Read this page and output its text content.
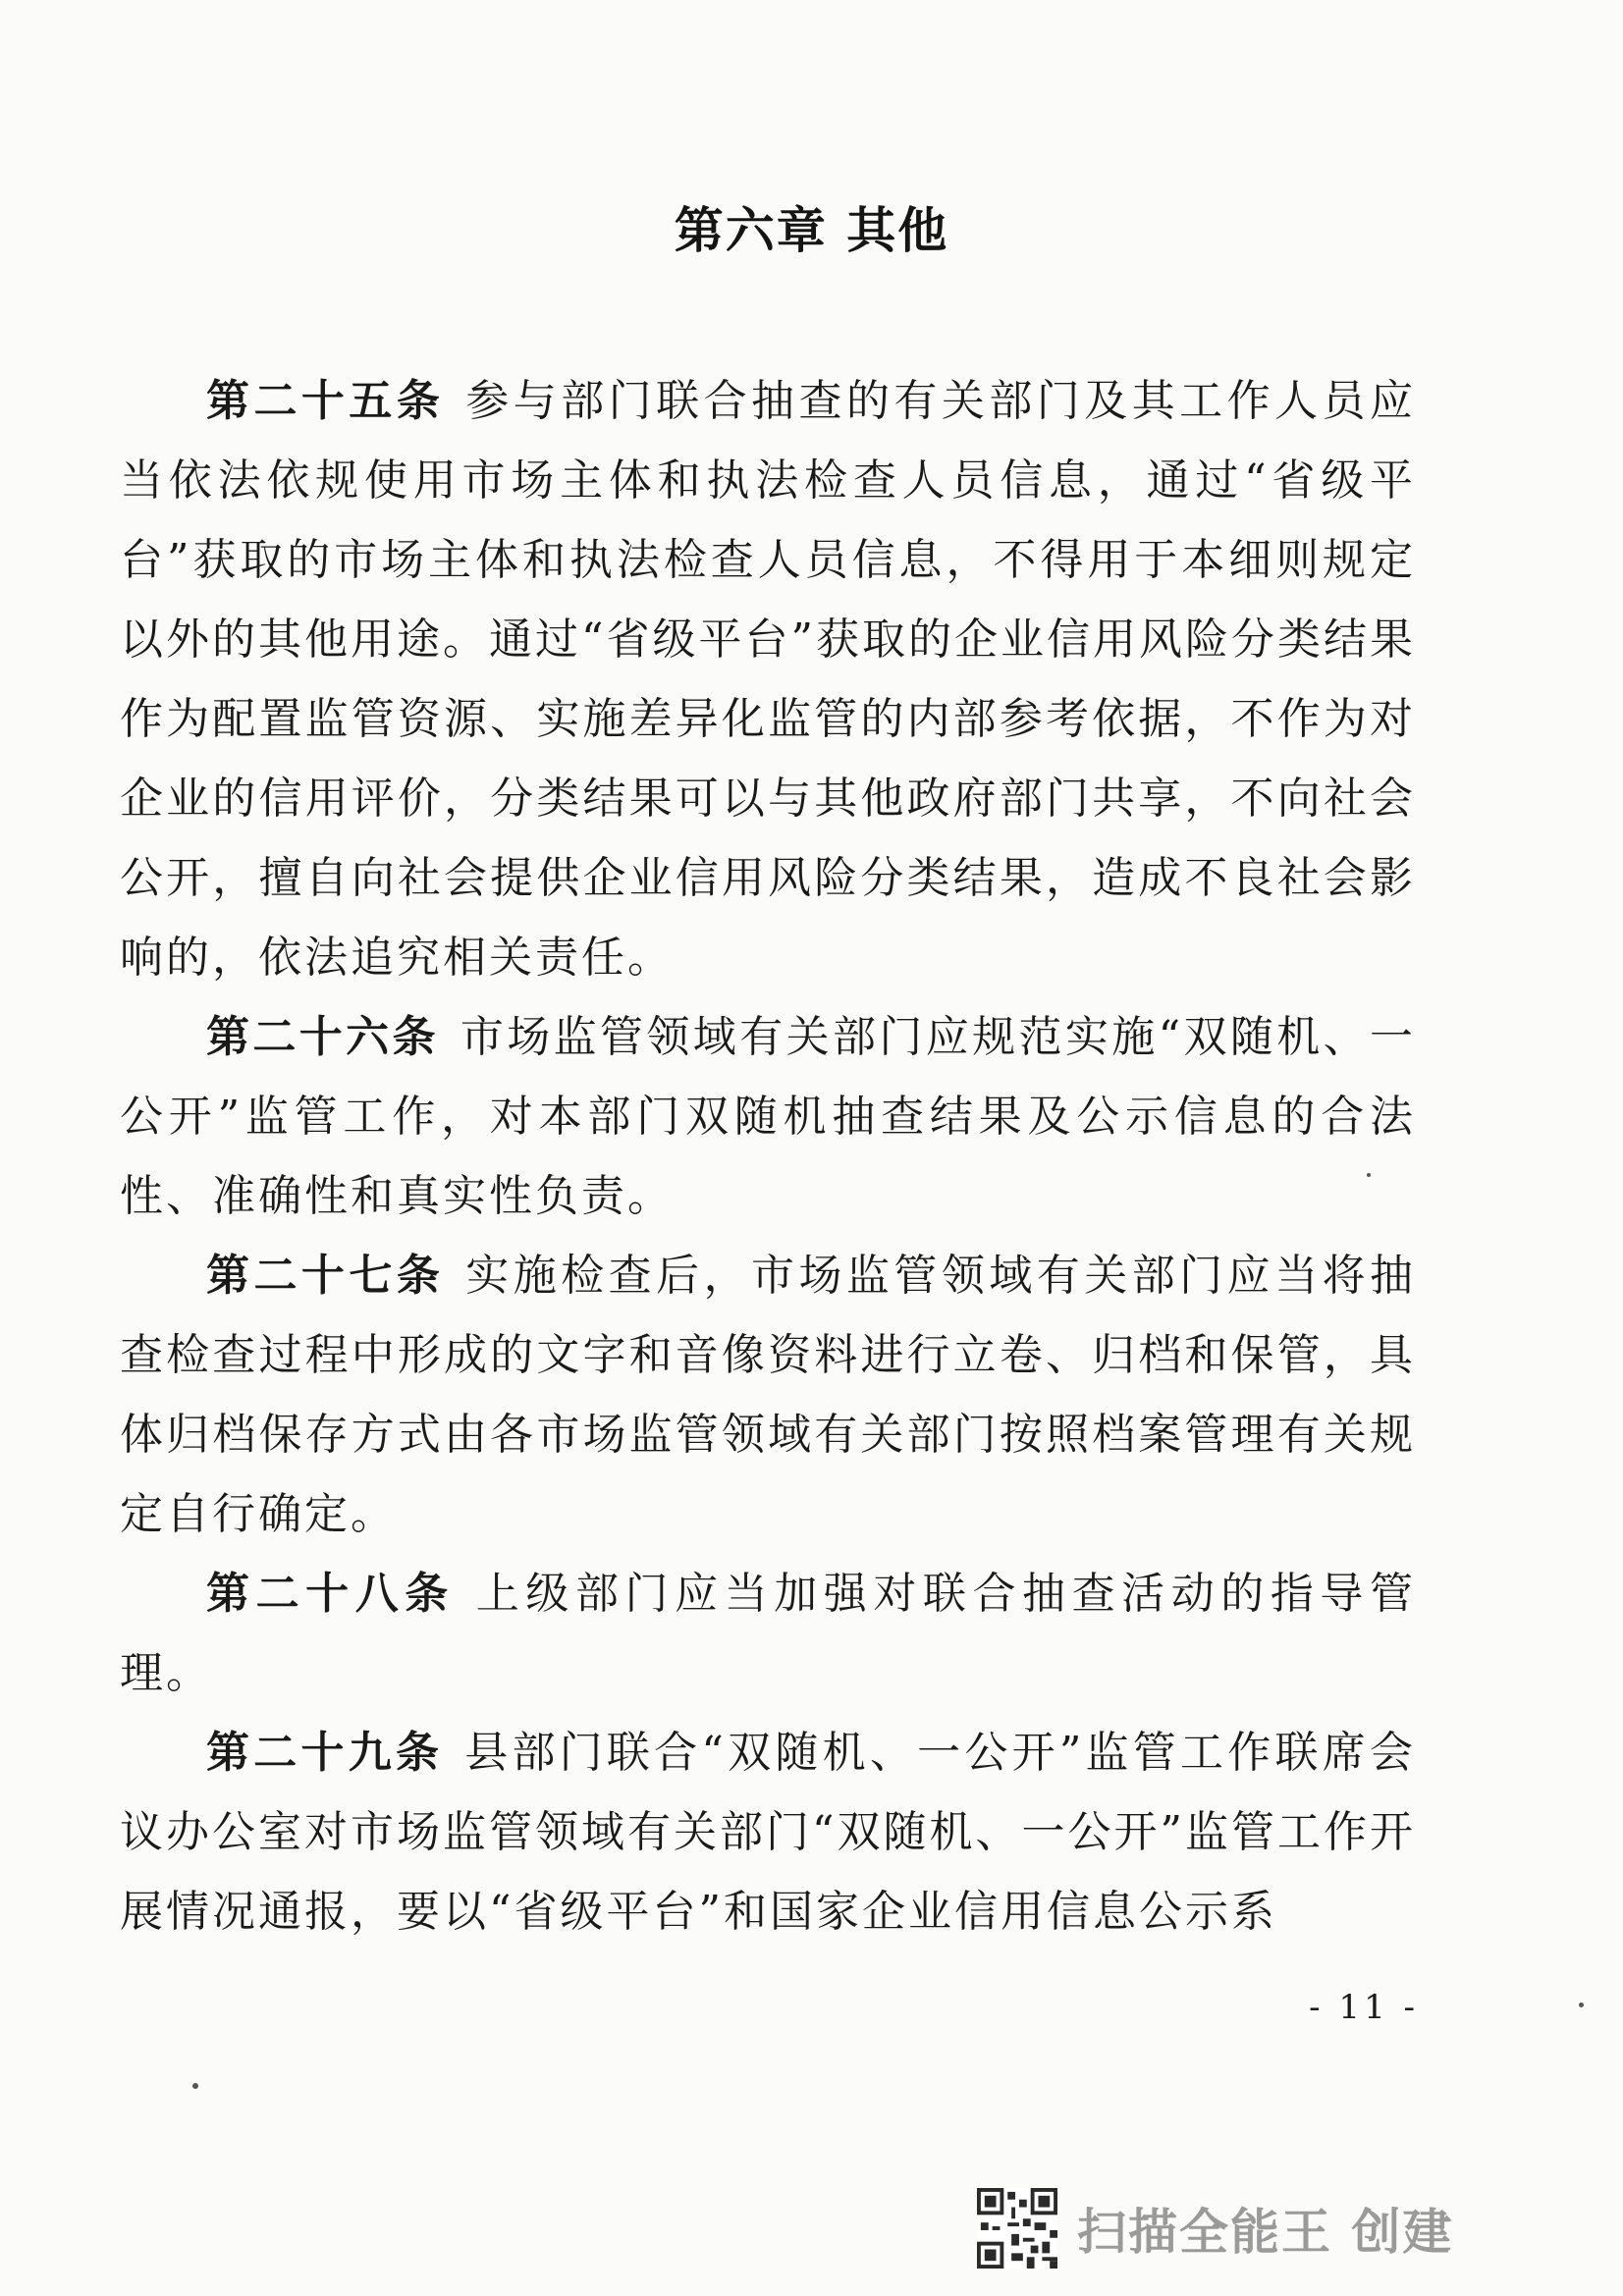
第六章 其他

第二十五条 参与部门联合抽查的有关部门及其工作人员应当依法依规使用市场主体和执法检查人员信息，通过“省级平台”获取的市场主体和执法检查人员信息，不得用于本细则规定以外的其他用途。通过“省级平台”获取的企业信用风险分类结果作为配置监管资源、实施差异化监管的内部参考依据，不作为对企业的信用评价，分类结果可以与其他政府部门共享，不向社会公开，擅自向社会提供企业信用风险分类结果，造成不良社会影响的，依法追究相关责任。

第二十六条 市场监管领域有关部门应规范实施“双随机、一公开”监管工作，对本部门双随机抽查结果及公示信息的合法性、准确性和真实性负责。

第二十七条 实施检查后，市场监管领域有关部门应当将抽查检查过程中形成的文字和音像资料进行立卷、归档和保管，具体归档保存方式由各市场监管领域有关部门按照档案管理有关规定自行确定。

第二十八条 上级部门应当加强对联合抽查活动的指导管理。

第二十九条 县部门联合“双随机、一公开”监管工作联席会议办公室对市场监管领域有关部门“双随机、一公开”监管工作开展情况通报，要以“省级平台”和国家企业信用信息公示系

- 11 -
扫描全能王 创建
